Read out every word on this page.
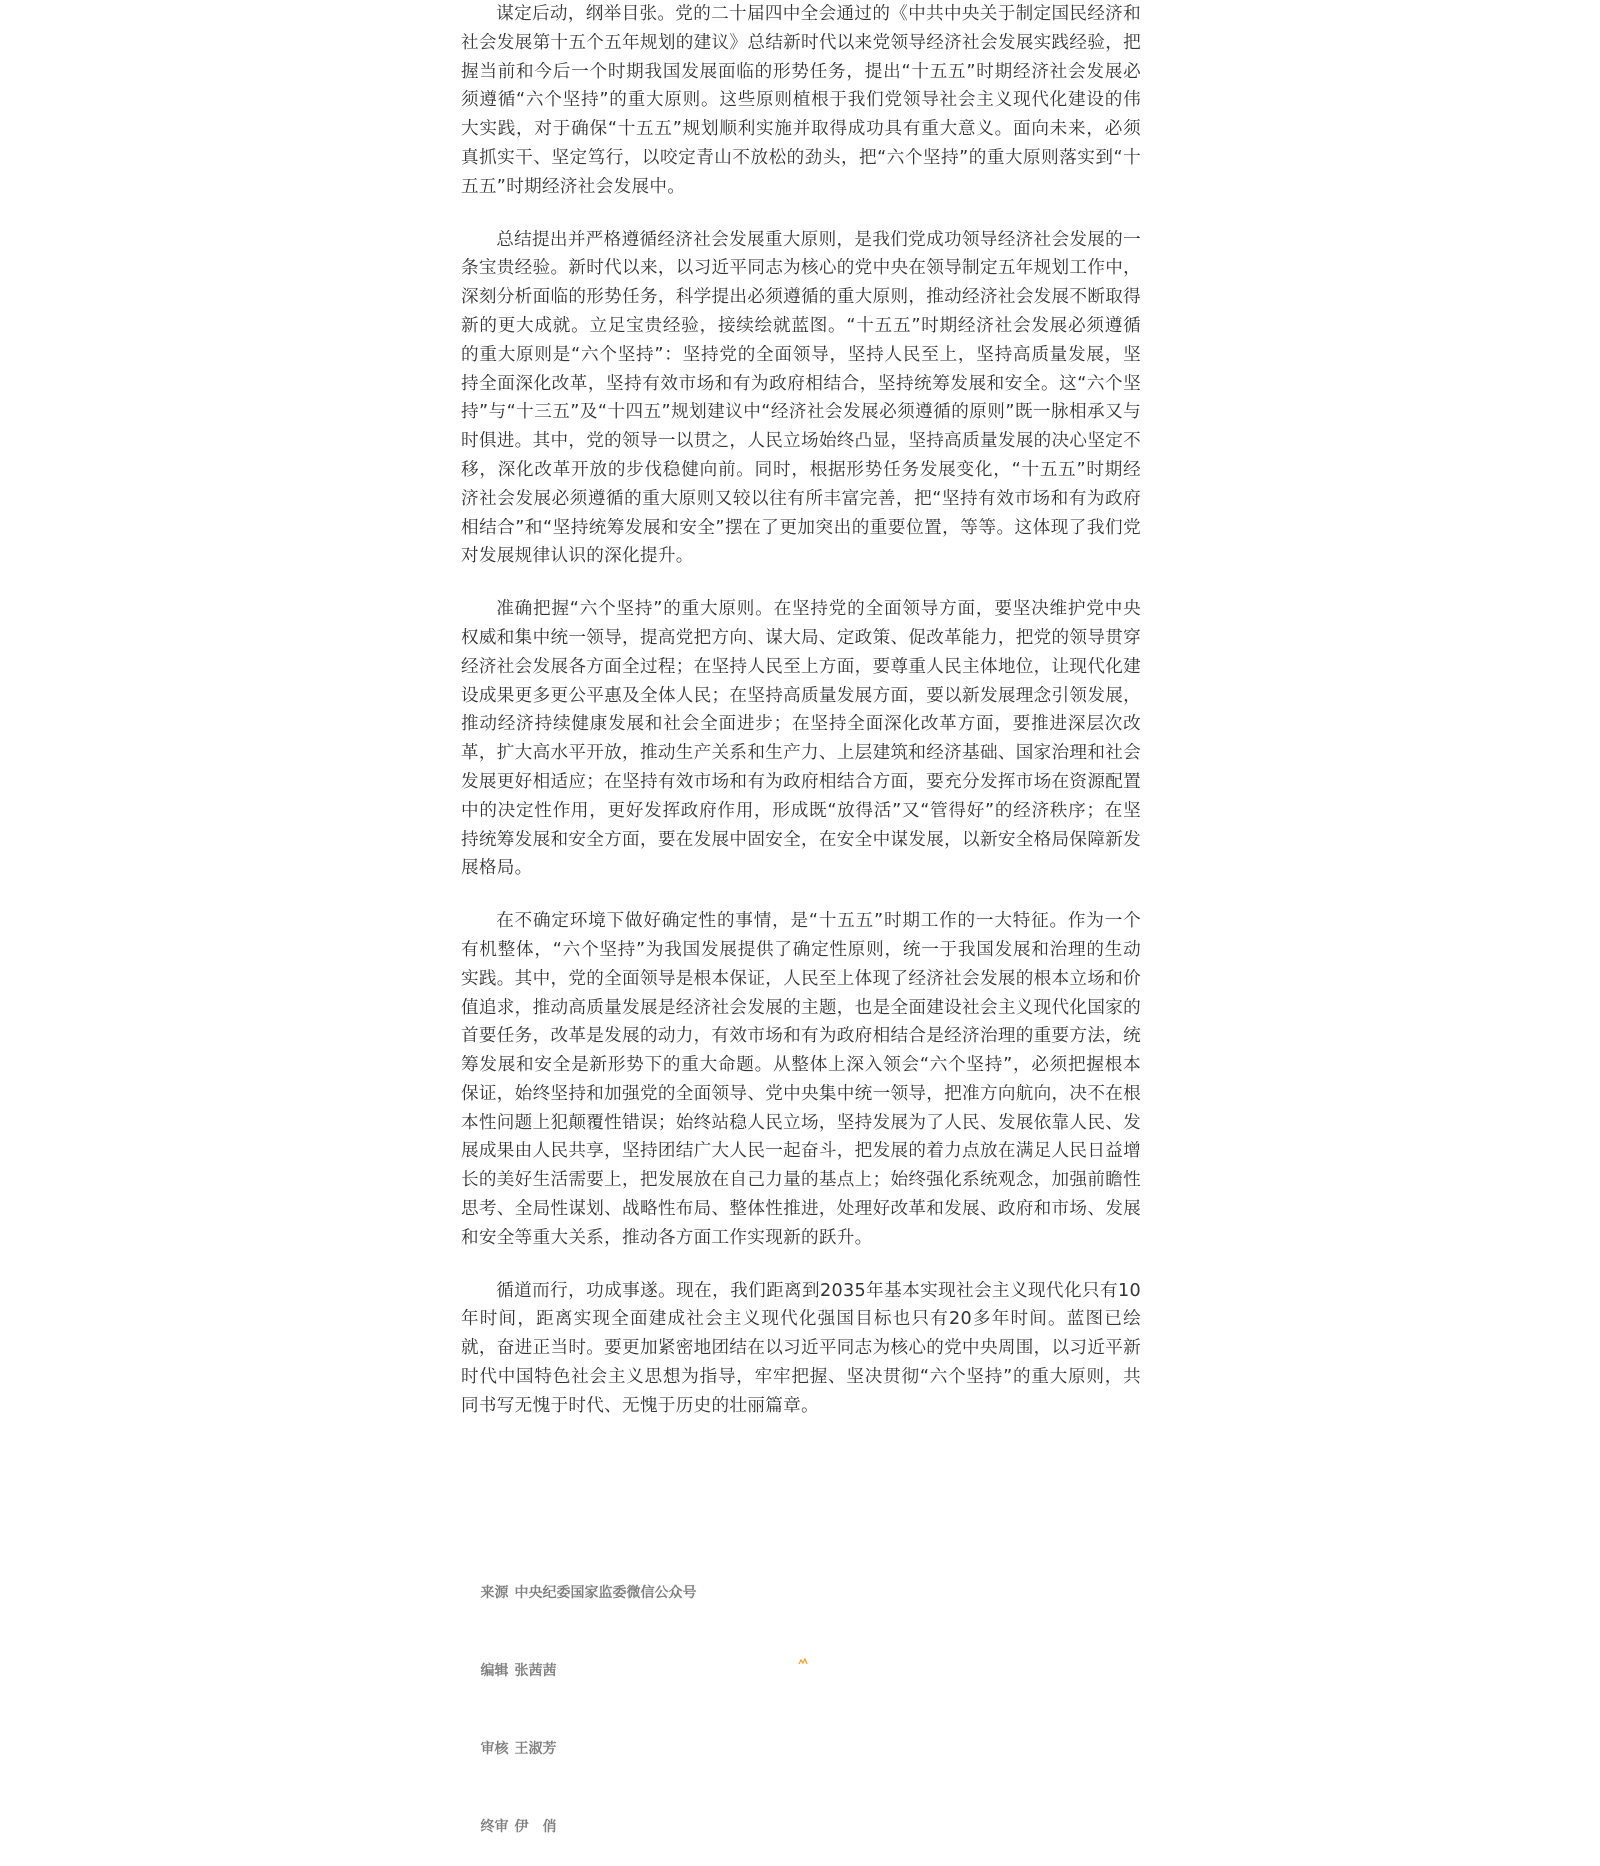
谋定后动，纲举目张。党的二十届四中全会通过的《中共中央关于制定国民经济和社会发展第十五个五年规划的建议》总结新时代以来党领导经济社会发展实践经验，把握当前和今后一个时期我国发展面临的形势任务，提出“十五五”时期经济社会发展必须遵循“六个坚持”的重大原则。这些原则植根于我们党领导社会主义现代化建设的伟大实践，对于确保“十五五”规划顺利实施并取得成功具有重大意义。面向未来，必须真抓实干、坚定笃行，以咬定青山不放松的劲头，把“六个坚持”的重大原则落实到“十五五”时期经济社会发展中。

总结提出并严格遵循经济社会发展重大原则，是我们党成功领导经济社会发展的一条宝贵经验。新时代以来，以习近平同志为核心的党中央在领导制定五年规划工作中，深刻分析面临的形势任务，科学提出必须遵循的重大原则，推动经济社会发展不断取得新的更大成就。立足宝贵经验，接续绘就蓝图。“十五五”时期经济社会发展必须遵循的重大原则是“六个坚持”：坚持党的全面领导，坚持人民至上，坚持高质量发展，坚持全面深化改革，坚持有效市场和有为政府相结合，坚持统筹发展和安全。这“六个坚持”与“十三五”及“十四五”规划建议中“经济社会发展必须遵循的原则”既一脉相承又与时俱进。其中，党的领导一以贯之，人民立场始终凸显，坚持高质量发展的决心坚定不移，深化改革开放的步伐稳健向前。同时，根据形势任务发展变化，“十五五”时期经济社会发展必须遵循的重大原则又较以往有所丰富完善，把“坚持有效市场和有为政府相结合”和“坚持统筹发展和安全”摆在了更加突出的重要位置，等等。这体现了我们党对发展规律认识的深化提升。

准确把握“六个坚持”的重大原则。在坚持党的全面领导方面，要坚决维护党中央权威和集中统一领导，提高党把方向、谋大局、定政策、促改革能力，把党的领导贯穿经济社会发展各方面全过程；在坚持人民至上方面，要尊重人民主体地位，让现代化建设成果更多更公平惠及全体人民；在坚持高质量发展方面，要以新发展理念引领发展，推动经济持续健康发展和社会全面进步；在坚持全面深化改革方面，要推进深层次改革，扩大高水平开放，推动生产关系和生产力、上层建筑和经济基础、国家治理和社会发展更好相适应；在坚持有效市场和有为政府相结合方面，要充分发挥市场在资源配置中的决定性作用，更好发挥政府作用，形成既“放得活”又“管得好”的经济秩序；在坚持统筹发展和安全方面，要在发展中固安全，在安全中谋发展，以新安全格局保障新发展格局。

在不确定环境下做好确定性的事情，是“十五五”时期工作的一大特征。作为一个有机整体，“六个坚持”为我国发展提供了确定性原则，统一于我国发展和治理的生动实践。其中，党的全面领导是根本保证，人民至上体现了经济社会发展的根本立场和价值追求，推动高质量发展是经济社会发展的主题，也是全面建设社会主义现代化国家的首要任务，改革是发展的动力，有效市场和有为政府相结合是经济治理的重要方法，统筹发展和安全是新形势下的重大命题。从整体上深入领会“六个坚持”，必须把握根本保证，始终坚持和加强党的全面领导、党中央集中统一领导，把准方向航向，决不在根本性问题上犯颠覆性错误；始终站稳人民立场，坚持发展为了人民、发展依靠人民、发展成果由人民共享，坚持团结广大人民一起奋斗，把发展的着力点放在满足人民日益增长的美好生活需要上，把发展放在自己力量的基点上；始终强化系统观念，加强前瞻性思考、全局性谋划、战略性布局、整体性推进，处理好改革和发展、政府和市场、发展和安全等重大关系，推动各方面工作实现新的跃升。

循道而行，功成事遂。现在，我们距离到2035年基本实现社会主义现代化只有10年时间，距离实现全面建成社会主义现代化强国目标也只有20多年时间。蓝图已绘就，奋进正当时。要更加紧密地团结在以习近平同志为核心的党中央周围，以习近平新时代中国特色社会主义思想为指导，牢牢把握、坚决贯彻“六个坚持”的重大原则，共同书写无愧于时代、无愧于历史的壮丽篇章。

来源 中央纪委国家监委微信公众号

编辑 张茜茜

审核 王淑芳

终审 伊　俏
